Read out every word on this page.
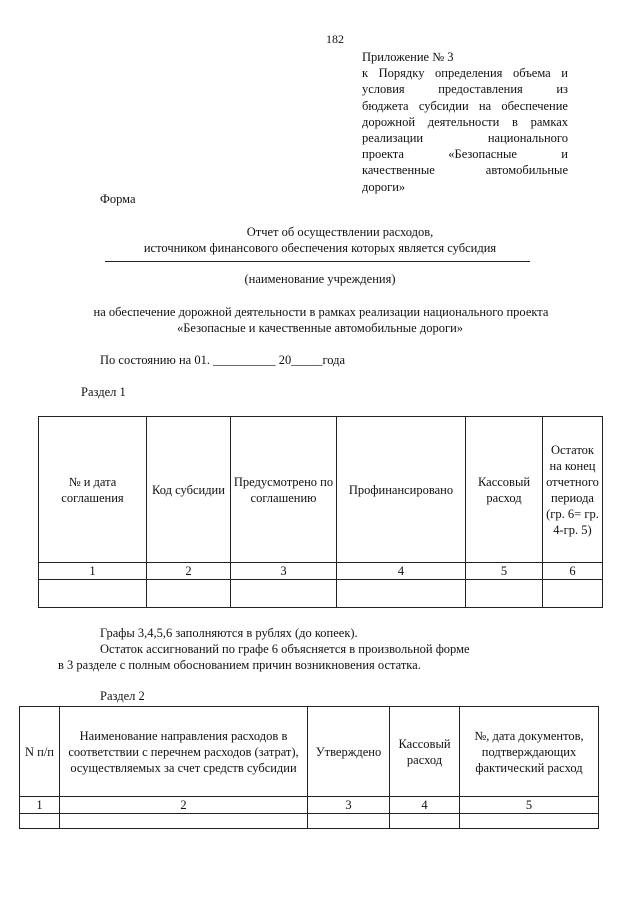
182
Приложение № 3
к Порядку определения объема и
условия	предоставления	из
бюджета субсидии на обеспечение
дорожной деятельности в рамках
реализации	национального
проекта	«Безопасные	и
качественные	автомобильные
дороги»
Форма
Отчет об осуществлении расходов,
источником финансового обеспечения которых является субсидия
(наименование учреждения)
на обеспечение дорожной деятельности в рамках реализации национального проекта
«Безопасные и качественные автомобильные дороги»
По состоянию на 01. __________ 20_____года
Раздел 1
№ и дата соглашения	Код субсидии	Предусмотрено по соглашению	Профинансировано	Кассовый расход	Остаток на конец отчетного периода (гр. 6= гр. 4-гр. 5)
1	2	3	4	5	6

Графы 3,4,5,6 заполняются в рублях (до копеек).
Остаток ассигнований по графе 6 объясняется в произвольной форме
в 3 разделе с полным обоснованием причин возникновения остатка.
Раздел 2
N п/п	Наименование направления расходов в соответствии с перечнем расходов (затрат), осуществляемых за счет средств субсидии	Утверждено	Кассовый расход	№, дата документов, подтверждающих фактический расход
1	2	3	4	5
